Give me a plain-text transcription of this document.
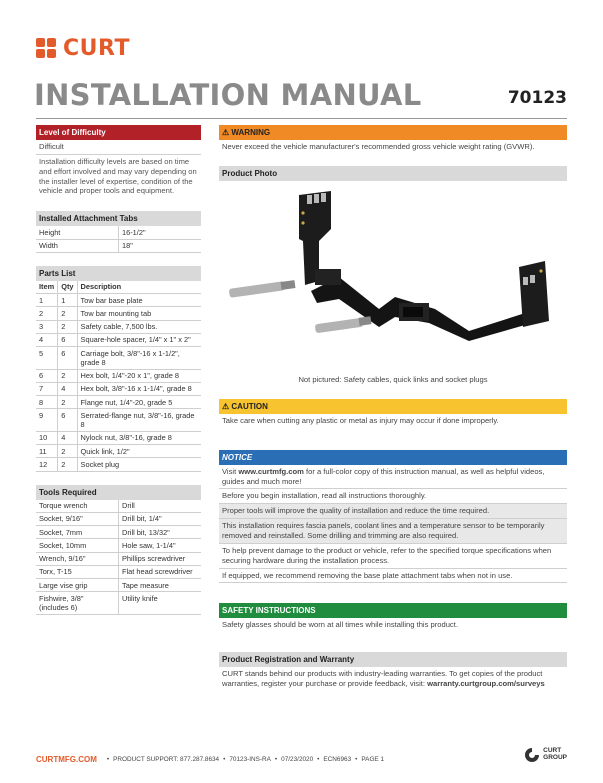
CURT
INSTALLATION MANUAL	70123
Level of Difficulty
Difficult
Installation difficulty levels are based on time and effort involved and may vary depending on the installer level of expertise, condition of the vehicle and proper tools and equipment.
Installed Attachment Tabs
Height	16-1/2"
Width	18"
Parts List
Item	Qty	Description
1	1	Tow bar base plate
2	2	Tow bar mounting tab
3	2	Safety cable, 7,500 lbs.
4	6	Square-hole spacer, 1/4" x 1" x 2"
5	6	Carriage bolt, 3/8"-16 x 1-1/2", grade 8
6	2	Hex bolt, 1/4"-20 x 1", grade 8
7	4	Hex bolt, 3/8"-16 x 1-1/4", grade 8
8	2	Flange nut, 1/4"-20, grade 5
9	6	Serrated-flange nut, 3/8"-16, grade 8
10	4	Nylock nut, 3/8"-16, grade 8
11	2	Quick link, 1/2"
12	2	Socket plug
Tools Required
Torque wrench	Drill
Socket, 9/16"	Drill bit, 1/4"
Socket, 7mm	Drill bit, 13/32"
Socket, 10mm	Hole saw, 1-1/4"
Wrench, 9/16"	Phillips screwdriver
Torx, T-15	Flat head screwdriver
Large vise grip	Tape measure
Fishwire, 3/8" (includes 6)	Utility knife
⚠ WARNING
Never exceed the vehicle manufacturer's recommended gross vehicle weight rating (GVWR).
Product Photo
Not pictured: Safety cables, quick links and socket plugs
⚠ CAUTION
Take care when cutting any plastic or metal as injury may occur if done improperly.
NOTICE
Visit www.curtmfg.com for a full-color copy of this instruction manual, as well as helpful videos, guides and much more!
Before you begin installation, read all instructions thoroughly.
Proper tools will improve the quality of installation and reduce the time required.
This installation requires fascia panels, coolant lines and a temperature sensor to be temporarily removed and reinstalled. Some drilling and trimming are also required.
To help prevent damage to the product or vehicle, refer to the specified torque specifications when securing hardware during the installation process.
If equipped, we recommend removing the base plate attachment tabs when not in use.
SAFETY INSTRUCTIONS
Safety glasses should be worn at all times while installing this product.
Product Registration and Warranty
CURT stands behind our products with industry-leading warranties. To get copies of the product warranties, register your purchase or provide feedback, visit: warranty.curtgroup.com/surveys
CURTMFG.COM • PRODUCT SUPPORT: 877.287.8634 • 70123-INS-RA • 07/23/2020 • ECN6963 • PAGE 1
CURT
GROUP
